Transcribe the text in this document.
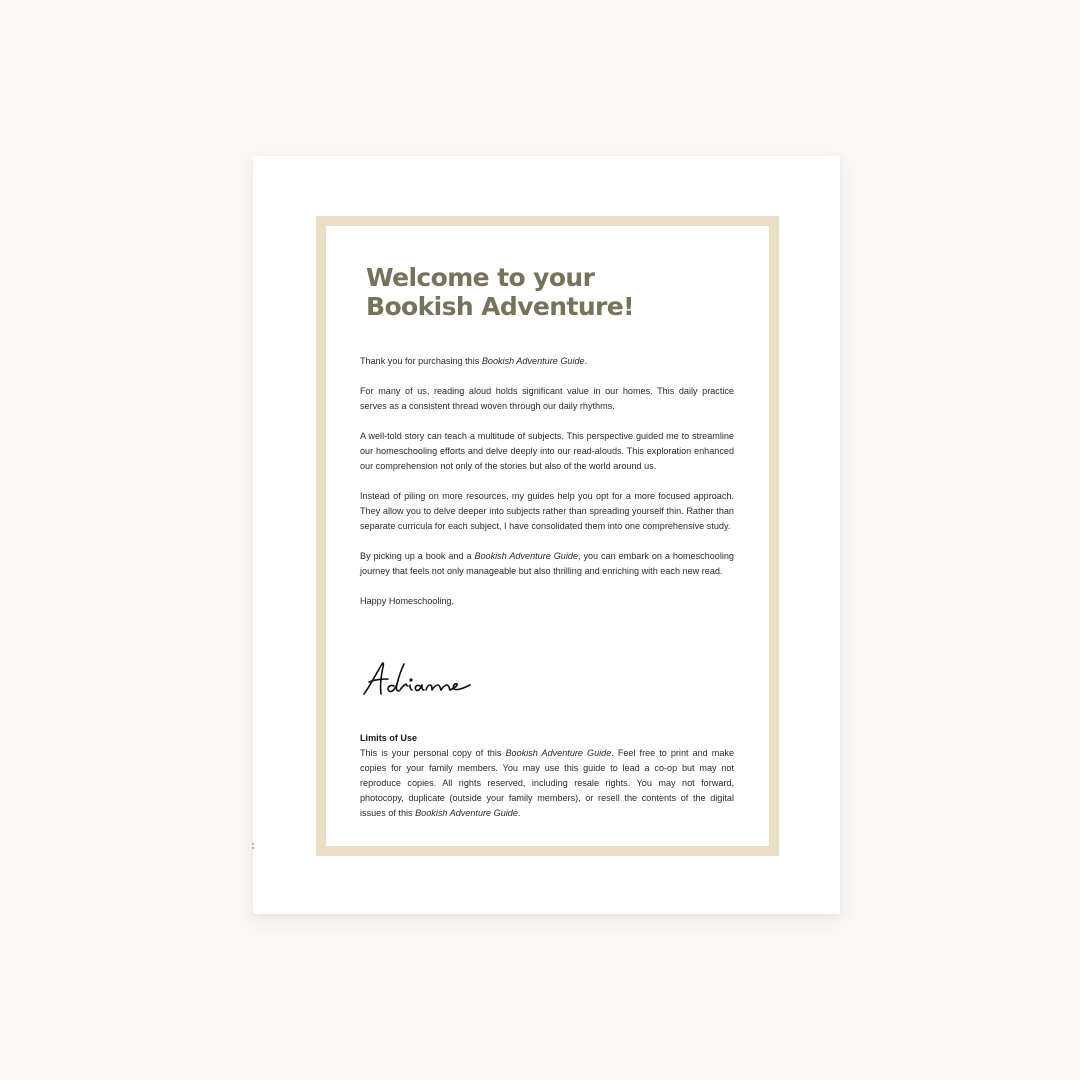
Welcome to your
Bookish Adventure!

Thank you for purchasing this Bookish Adventure Guide.

For many of us, reading aloud holds significant value in our homes. This daily practice serves as a consistent thread woven through our daily rhythms.

A well-told story can teach a multitude of subjects. This perspective guided me to streamline our homeschooling efforts and delve deeply into our read-alouds. This exploration enhanced our comprehension not only of the stories but also of the world around us.

Instead of piling on more resources, my guides help you opt for a more focused approach. They allow you to delve deeper into subjects rather than spreading yourself thin. Rather than separate curricula for each subject, I have consolidated them into one comprehensive study.

By picking up a book and a Bookish Adventure Guide, you can embark on a homeschooling journey that feels not only manageable but also thrilling and enriching with each new read.

Happy Homeschooling,

Limits of Use

This is your personal copy of this Bookish Adventure Guide. Feel free to print and make copies for your family members. You may use this guide to lead a co-op but may not reproduce copies. All rights reserved, including resale rights. You may not forward, photocopy, duplicate (outside your family members), or resell the contents of the digital issues of this Bookish Adventure Guide.
